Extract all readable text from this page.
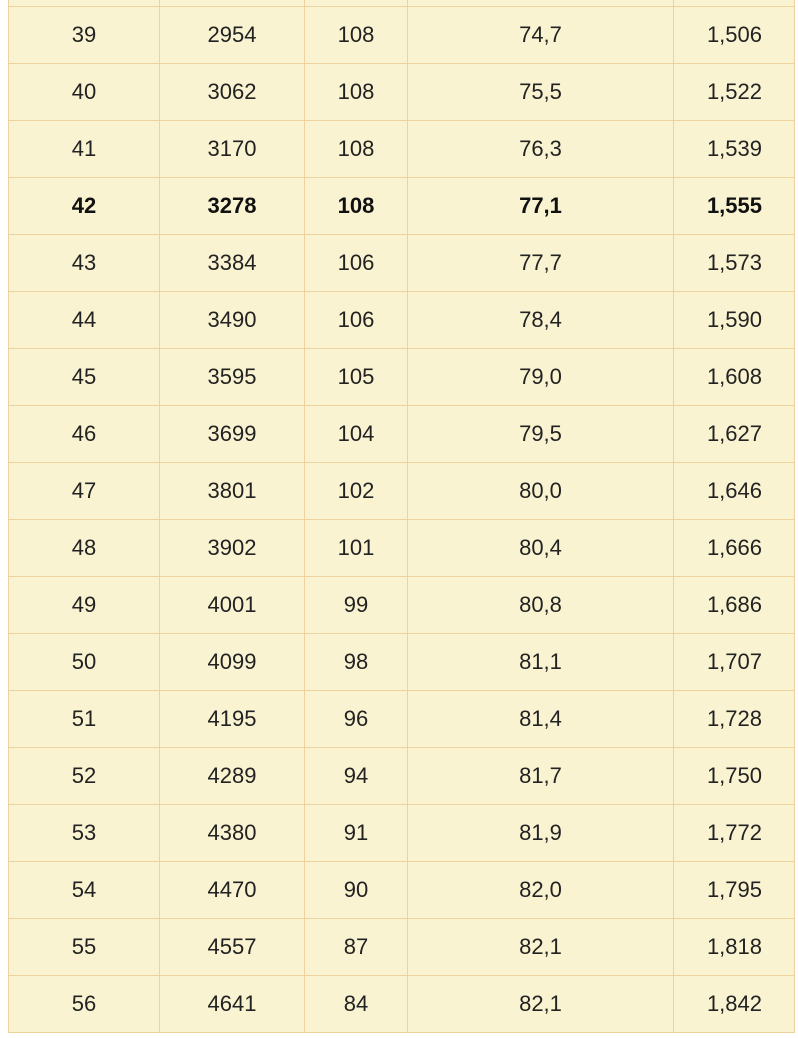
39	2954	108	74,7	1,506
40	3062	108	75,5	1,522
41	3170	108	76,3	1,539
42	3278	108	77,1	1,555
43	3384	106	77,7	1,573
44	3490	106	78,4	1,590
45	3595	105	79,0	1,608
46	3699	104	79,5	1,627
47	3801	102	80,0	1,646
48	3902	101	80,4	1,666
49	4001	99	80,8	1,686
50	4099	98	81,1	1,707
51	4195	96	81,4	1,728
52	4289	94	81,7	1,750
53	4380	91	81,9	1,772
54	4470	90	82,0	1,795
55	4557	87	82,1	1,818
56	4641	84	82,1	1,842
